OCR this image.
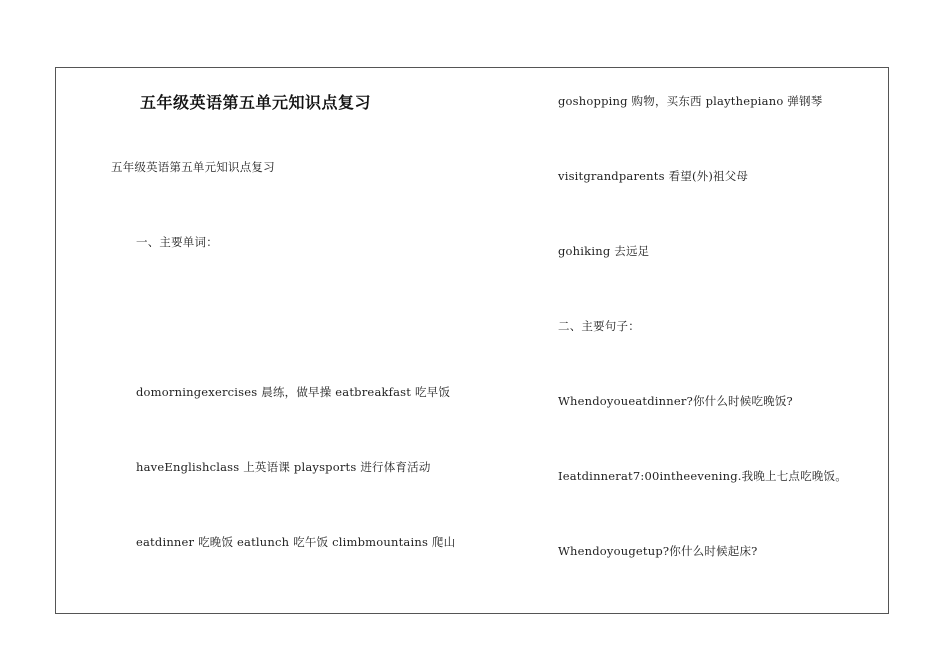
五年级英语第五单元知识点复习
五年级英语第五单元知识点复习
一、主要单词：
domorningexercises 晨练，做早操 eatbreakfast 吃早饭
haveEnglishclass 上英语课 playsports 进行体育活动
eatdinner 吃晚饭 eatlunch 吃午饭 climbmountains 爬山
goshopping 购物，买东西 playthepiano 弹钢琴
visitgrandparents 看望(外)祖父母
gohiking 去远足
二、主要句子：
Whendoyoueatdinner?你什么时候吃晚饭?
Ieatdinnerat7:00intheevening.我晚上七点吃晚饭。
Whendoyougetup?你什么时候起床?
